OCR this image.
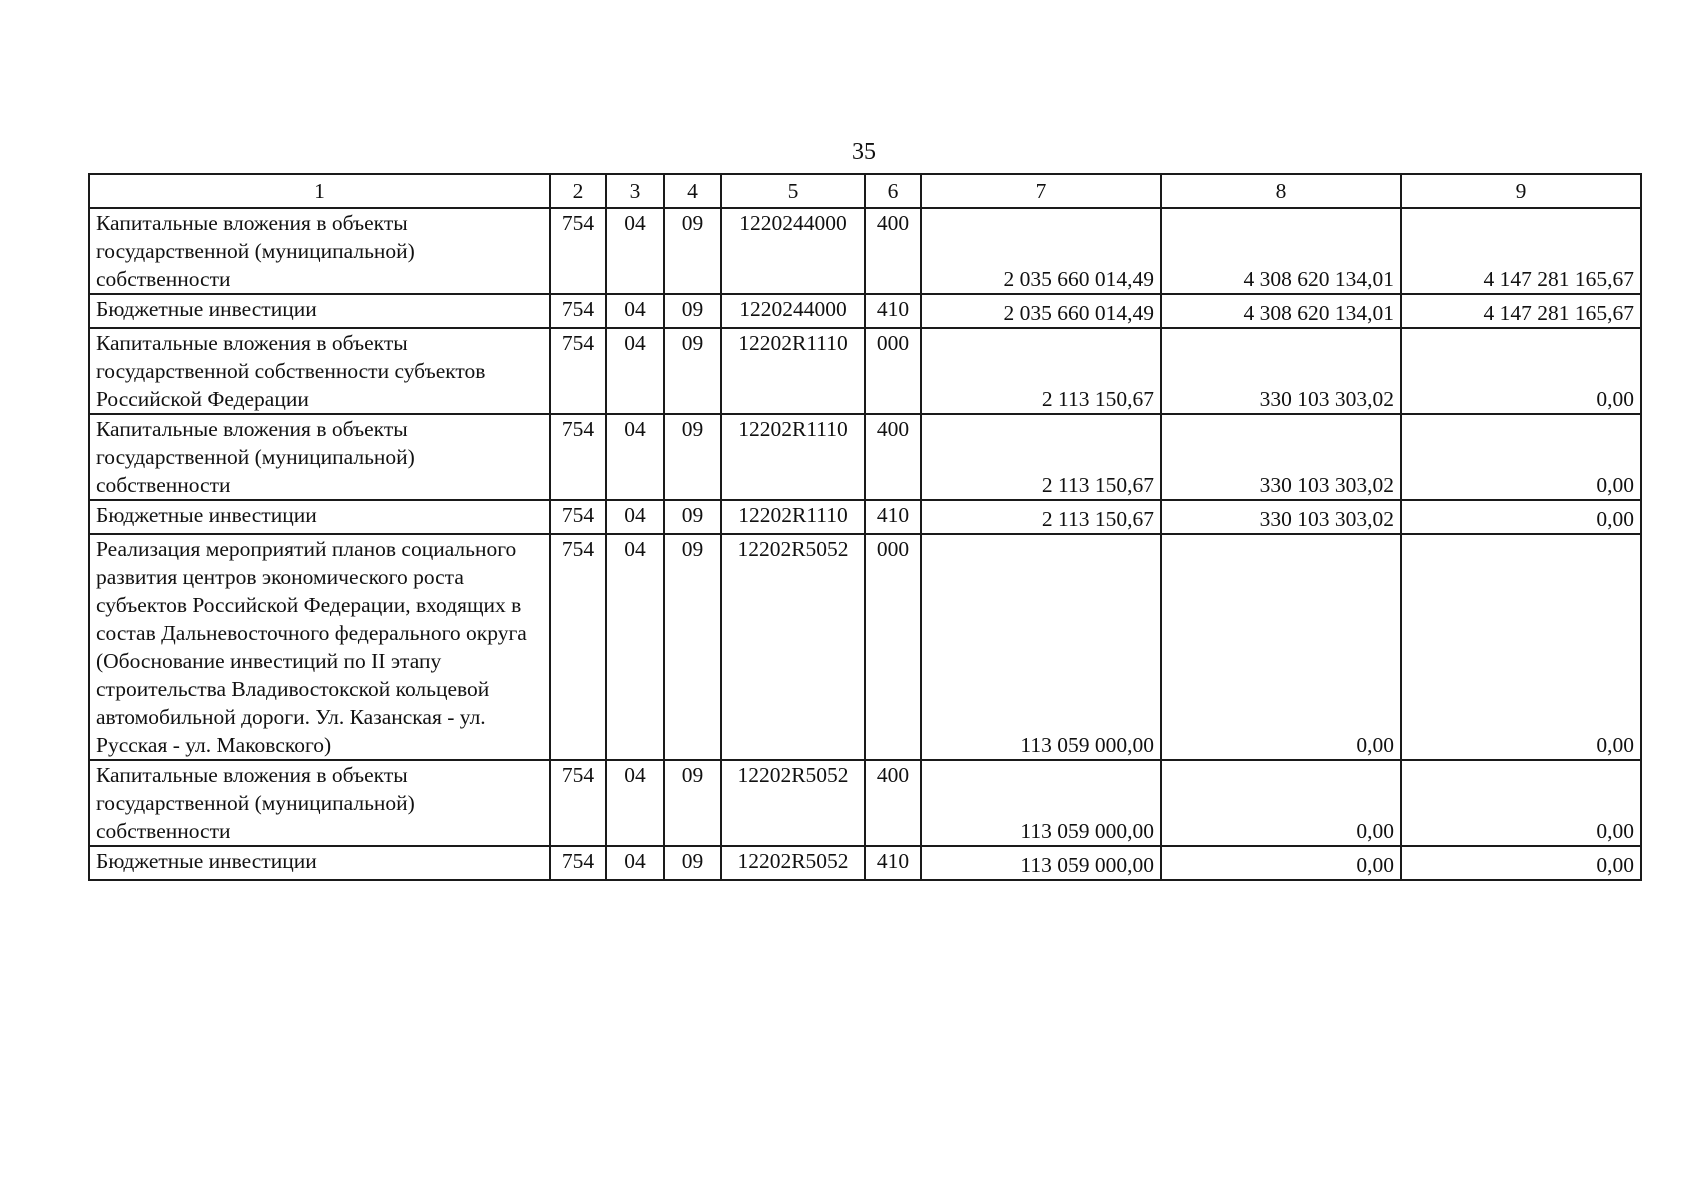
35
1	2	3	4	5	6	7	8	9
Капитальные вложения в объекты государственной (муниципальной) собственности	754	04	09	1220244000	400	2 035 660 014,49	4 308 620 134,01	4 147 281 165,67
Бюджетные инвестиции	754	04	09	1220244000	410	2 035 660 014,49	4 308 620 134,01	4 147 281 165,67
Капитальные вложения в объекты государственной собственности субъектов Российской Федерации	754	04	09	12202R1110	000	2 113 150,67	330 103 303,02	0,00
Капитальные вложения в объекты государственной (муниципальной) собственности	754	04	09	12202R1110	400	2 113 150,67	330 103 303,02	0,00
Бюджетные инвестиции	754	04	09	12202R1110	410	2 113 150,67	330 103 303,02	0,00
Реализация мероприятий планов социального развития центров экономического роста субъектов Российской Федерации, входящих в состав Дальневосточного федерального округа (Обоснование инвестиций по II этапу строительства Владивостокской кольцевой автомобильной дороги. Ул. Казанская - ул. Русская - ул. Маковского)	754	04	09	12202R5052	000	113 059 000,00	0,00	0,00
Капитальные вложения в объекты государственной (муниципальной) собственности	754	04	09	12202R5052	400	113 059 000,00	0,00	0,00
Бюджетные инвестиции	754	04	09	12202R5052	410	113 059 000,00	0,00	0,00
